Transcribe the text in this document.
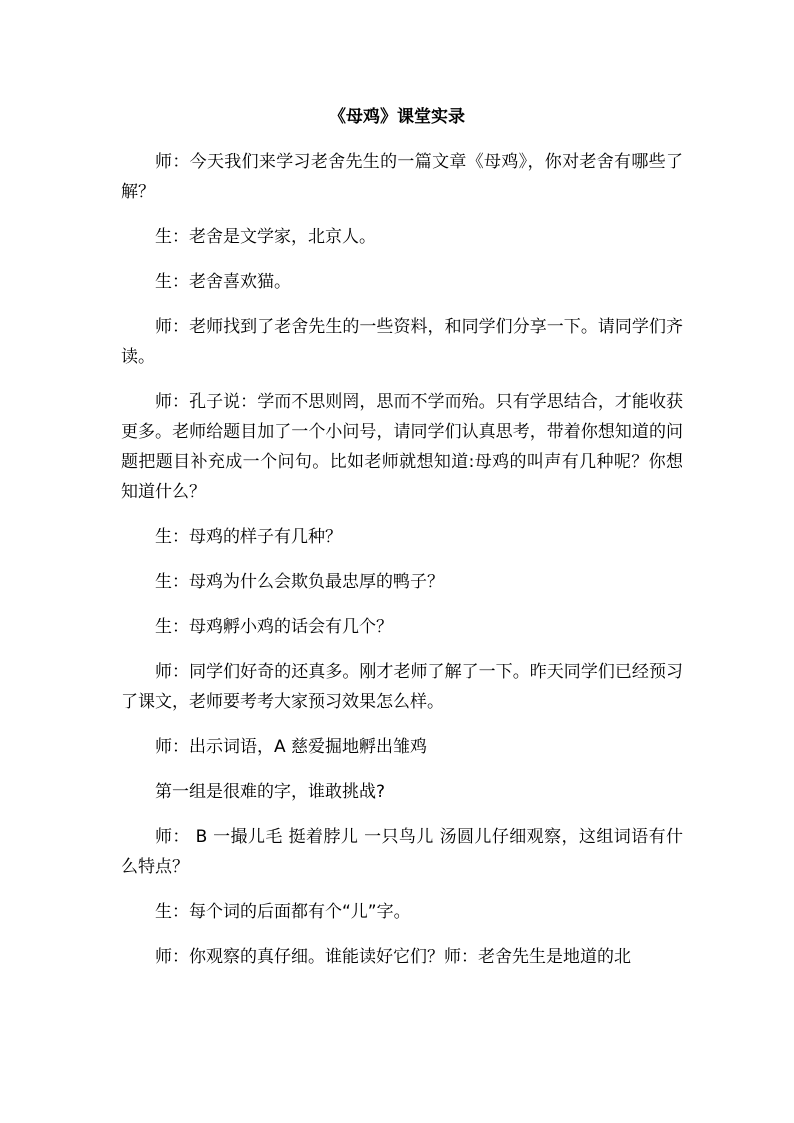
《母鸡》课堂实录

师：今天我们来学习老舍先生的一篇文章《母鸡》，你对老舍有哪些了解？

生：老舍是文学家，北京人。

生：老舍喜欢猫。

师：老师找到了老舍先生的一些资料，和同学们分享一下。请同学们齐读。

师：孔子说：学而不思则罔，思而不学而殆。只有学思结合，才能收获更多。老师给题目加了一个小问号，请同学们认真思考，带着你想知道的问题把题目补充成一个问句。比如老师就想知道:母鸡的叫声有几种呢？你想知道什么？

生：母鸡的样子有几种？

生：母鸡为什么会欺负最忠厚的鸭子？

生：母鸡孵小鸡的话会有几个？

师：同学们好奇的还真多。刚才老师了解了一下。昨天同学们已经预习了课文，老师要考考大家预习效果怎么样。

师：出示词语，A 慈爱掘地孵出雏鸡

第一组是很难的字，谁敢挑战?

师： B 一撮儿毛 挺着脖儿 一只鸟儿 汤圆儿仔细观察，这组词语有什么特点？

生：每个词的后面都有个“儿”字。

师：你观察的真仔细。谁能读好它们？师：老舍先生是地道的北
